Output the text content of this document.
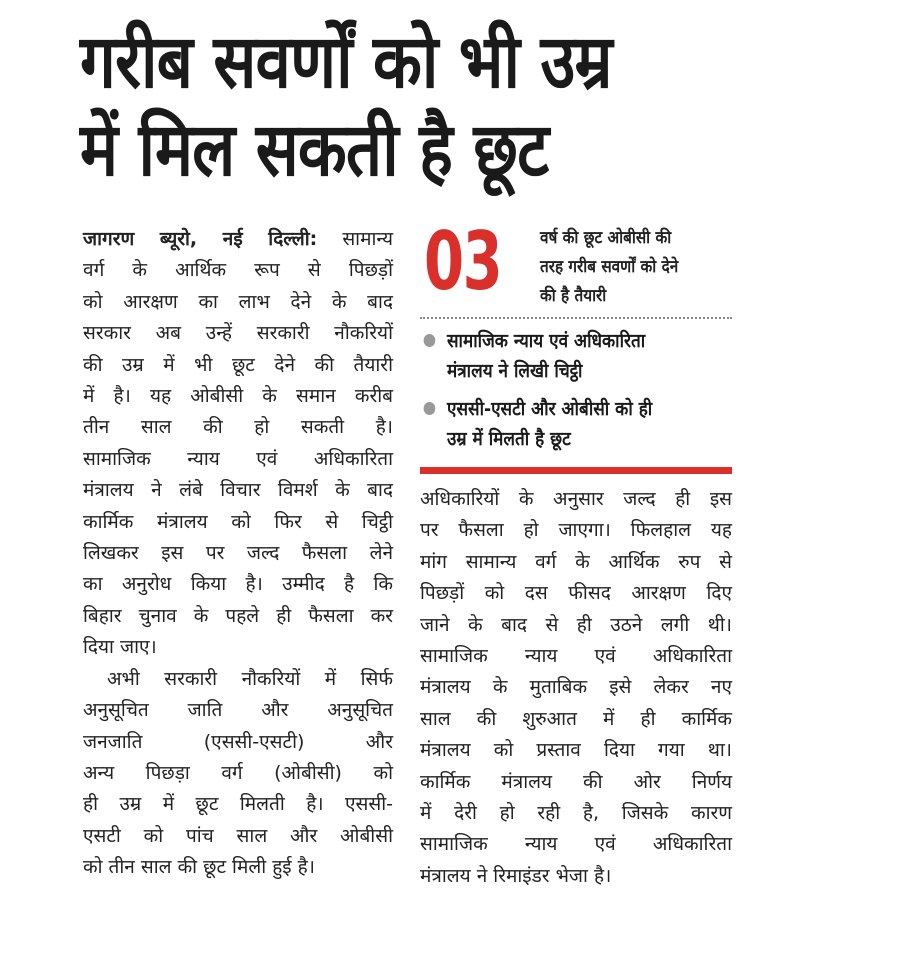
गरीब सवर्णों को भी उम्र
में मिल सकती है छूट
जागरण ब्यूरो, नई दिल्ली: सामान्य
वर्ग के आर्थिक रूप से पिछड़ों
को आरक्षण का लाभ देने के बाद
सरकार अब उन्हें सरकारी नौकरियों
की उम्र में भी छूट देने की तैयारी
में है। यह ओबीसी के समान करीब
तीन साल की हो सकती है।
सामाजिक न्याय एवं अधिकारिता
मंत्रालय ने लंबे विचार विमर्श के बाद
कार्मिक मंत्रालय को फिर से चिट्ठी
लिखकर इस पर जल्द फैसला लेने
का अनुरोध किया है। उम्मीद है कि
बिहार चुनाव के पहले ही फैसला कर
दिया जाए।
अभी सरकारी नौकरियों में सिर्फ
अनुसूचित जाति और अनुसूचित
जनजाति (एससी-एसटी) और
अन्य पिछड़ा वर्ग (ओबीसी) को
ही उम्र में छूट मिलती है। एससी-
एसटी को पांच साल और ओबीसी
को तीन साल की छूट मिली हुई है।
03 वर्ष की छूट ओबीसी की
तरह गरीब सवर्णों को देने
की है तैयारी
सामाजिक न्याय एवं अधिकारिता
मंत्रालय ने लिखी चिट्ठी
एससी-एसटी और ओबीसी को ही
उम्र में मिलती है छूट
अधिकारियों के अनुसार जल्द ही इस
पर फैसला हो जाएगा। फिलहाल यह
मांग सामान्य वर्ग के आर्थिक रुप से
पिछड़ों को दस फीसद आरक्षण दिए
जाने के बाद से ही उठने लगी थी।
सामाजिक न्याय एवं अधिकारिता
मंत्रालय के मुताबिक इसे लेकर नए
साल की शुरुआत में ही कार्मिक
मंत्रालय को प्रस्ताव दिया गया था।
कार्मिक मंत्रालय की ओर निर्णय
में देरी हो रही है, जिसके कारण
सामाजिक न्याय एवं अधिकारिता
मंत्रालय ने रिमाइंडर भेजा है।
